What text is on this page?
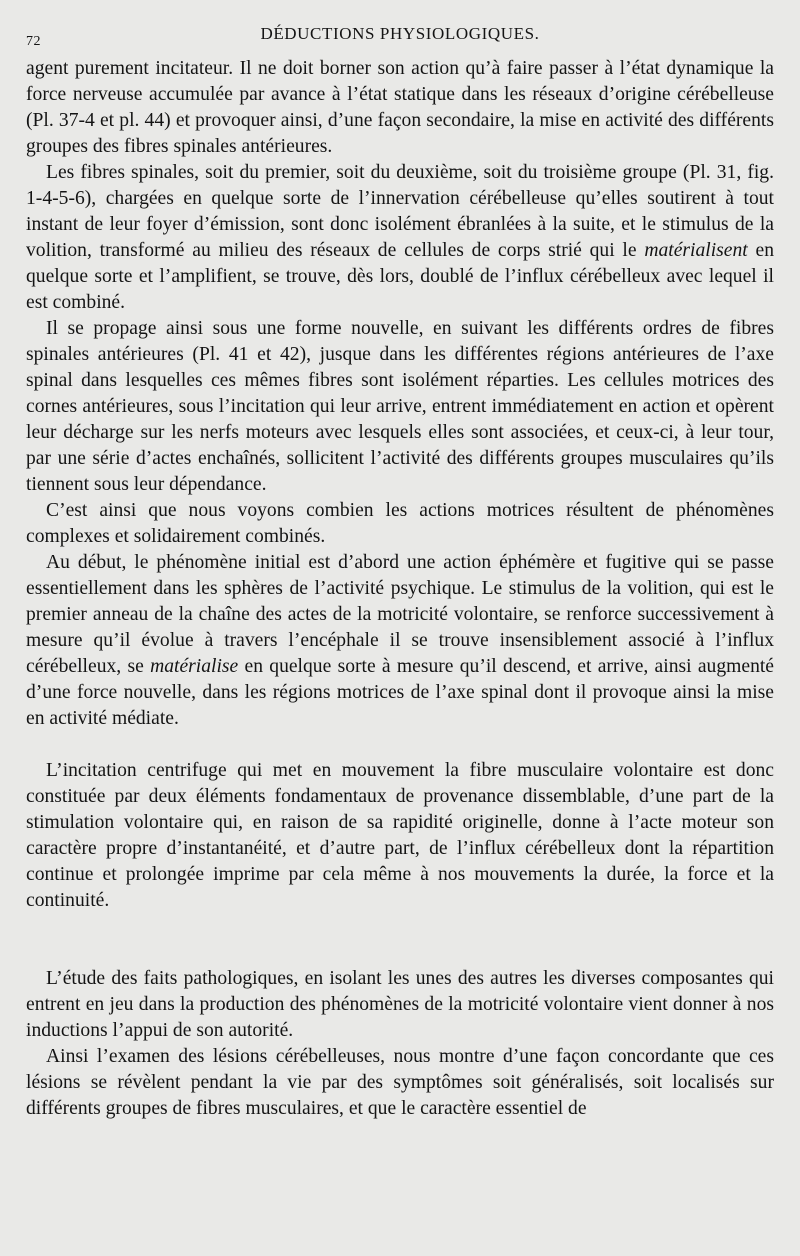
72	DÉDUCTIONS PHYSIOLOGIQUES.

agent purement incitateur. Il ne doit borner son action qu’à faire passer à l’état dynamique la force nerveuse accumulée par avance à l’état statique dans les réseaux d’origine cérébelleuse (Pl. 37-4 et pl. 44) et provoquer ainsi, d’une façon secondaire, la mise en activité des différents groupes des fibres spinales antérieures.

Les fibres spinales, soit du premier, soit du deuxième, soit du troisième groupe (Pl. 31, fig. 1-4-5-6), chargées en quelque sorte de l’innervation cérébelleuse qu’elles soutirent à tout instant de leur foyer d’émission, sont donc isolément ébranlées à la suite, et le stimulus de la volition, transformé au milieu des réseaux de cellules de corps strié qui le matérialisent en quelque sorte et l’amplifient, se trouve, dès lors, doublé de l’influx cérébelleux avec lequel il est combiné.

Il se propage ainsi sous une forme nouvelle, en suivant les différents ordres de fibres spinales antérieures (Pl. 41 et 42), jusque dans les différentes régions antérieures de l’axe spinal dans lesquelles ces mêmes fibres sont isolément réparties. Les cellules motrices des cornes antérieures, sous l’incitation qui leur arrive, entrent immédiatement en action et opèrent leur décharge sur les nerfs moteurs avec lesquels elles sont associées, et ceux-ci, à leur tour, par une série d’actes enchaînés, sollicitent l’activité des différents groupes musculaires qu’ils tiennent sous leur dépendance.

C’est ainsi que nous voyons combien les actions motrices résultent de phénomènes complexes et solidairement combinés.

Au début, le phénomène initial est d’abord une action éphémère et fugitive qui se passe essentiellement dans les sphères de l’activité psychique. Le stimulus de la volition, qui est le premier anneau de la chaîne des actes de la motricité volontaire, se renforce successivement à mesure qu’il évolue à travers l’encéphale il se trouve insensiblement associé à l’influx cérébelleux, se matérialise en quelque sorte à mesure qu’il descend, et arrive, ainsi augmenté d’une force nouvelle, dans les régions motrices de l’axe spinal dont il provoque ainsi la mise en activité médiate.

L’incitation centrifuge qui met en mouvement la fibre musculaire volontaire est donc constituée par deux éléments fondamentaux de provenance dissemblable, d’une part de la stimulation volontaire qui, en raison de sa rapidité originelle, donne à l’acte moteur son caractère propre d’instantanéité, et d’autre part, de l’influx cérébelleux dont la répartition continue et prolongée imprime par cela même à nos mouvements la durée, la force et la continuité.

L’étude des faits pathologiques, en isolant les unes des autres les diverses composantes qui entrent en jeu dans la production des phénomènes de la motricité volontaire vient donner à nos inductions l’appui de son autorité.

Ainsi l’examen des lésions cérébelleuses, nous montre d’une façon concordante que ces lésions se révèlent pendant la vie par des symptômes soit généralisés, soit localisés sur différents groupes de fibres musculaires, et que le caractère essentiel de
